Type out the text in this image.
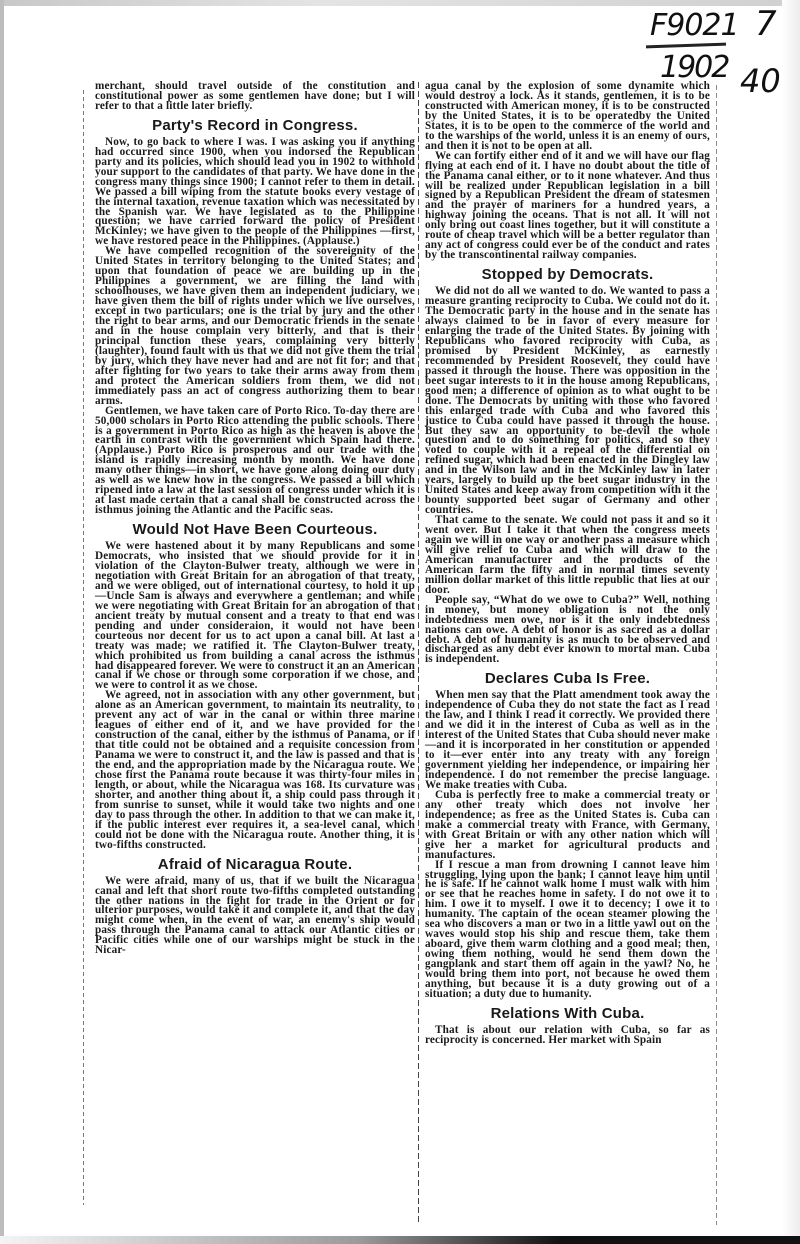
F9021
1902
7
40

merchant, should travel outside of the constitution and constitutional power as some gentlemen have done; but I will refer to that a little later briefly.

Party's Record in Congress.

Now, to go back to where I was. I was asking you if anything had occurred since 1900, when you indorsed the Republican party and its policies, which should lead you in 1902 to withhold your support to the candidates of that party. We have done in the congress many things since 1900; I cannot refer to them in detail. We passed a bill wiping from the statute books every vestage of the internal taxation, revenue taxation which was necessitated by the Spanish war. We have legislated as to the Philippine question; we have carried forward the policy of President McKinley; we have given to the people of the Philippines —first, we have restored peace in the Philippines. (Applause.)

We have compelled recognition of the sovereignity of the United States in territory belonging to the United States; and upon that foundation of peace we are building up in the Philippines a government, we are filling the land with schoolhouses, we have given them an independent judiciary, we have given them the bill of rights under which we live ourselves, except in two particulars; one is the trial by jury and the other the right to bear arms, and our Democratic friends in the senate and in the house complain very bitterly, and that is their principal function these years, complaining very bitterly (laughter), found fault with us that we did not give them the trial by jury, which they have never had and are not fit for; and that after fighting for two years to take their arms away from them and protect the American soldiers from them, we did not immediately pass an act of congress authorizing them to bear arms.

Gentlemen, we have taken care of Porto Rico. To-day there are 50,000 scholars in Porto Rico attending the public schools. There is a government in Porto Rico as high as the heaven is above the earth in contrast with the government which Spain had there. (Applause.) Porto Rico is prosperous and our trade with the island is rapidly increasing month by month. We have done many other things—in short, we have gone along doing our duty as well as we knew how in the congress. We passed a bill which ripened into a law at the last session of congress under which it is at last made certain that a canal shall be constructed across the isthmus joining the Atlantic and the Pacific seas.

Would Not Have Been Courteous.

We were hastened about it by many Republicans and some Democrats, who insisted that we should provide for it in violation of the Clayton-Bulwer treaty, although we were in negotiation with Great Britain for an abrogation of that treaty, and we were obliged, out of international courtesy, to hold it up—Uncle Sam is always and everywhere a gentleman; and while we were negotiating with Great Britain for an abrogation of that ancient treaty by mutual consent and a treaty to that end was pending and under consideraion, it would not have been courteous nor decent for us to act upon a canal bill. At last a treaty was made; we ratified it. The Clayton-Bulwer treaty, which prohibited us from building a canal across the isthmus had disappeared forever. We were to construct it an an American canal if we chose or through some corporation if we chose, and we were to control it as we chose.

We agreed, not in association with any other government, but alone as an American government, to maintain its neutrality, to prevent any act of war in the canal or within three marine leagues of either end of it, and we have provided for the construction of the canal, either by the isthmus of Panama, or if that title could not be obtained and a requisite concession from Panama we were to construct it, and the law is passed and that is the end, and the appropriation made by the Nicaragua route. We chose first the Panama route because it was thirty-four miles in length, or about, while the Nicaragua was 168. Its curvature was shorter, and another thing about it, a ship could pass through it from sunrise to sunset, while it would take two nights and one day to pass through the other. In addition to that we can make it, if the public interest ever requires it, a sea-level canal, which could not be done with the Nicaragua route. Another thing, it is two-fifths constructed.

Afraid of Nicaragua Route.

We were afraid, many of us, that if we built the Nicaragua canal and left that short route two-fifths completed outstanding the other nations in the fight for trade in the Orient or for ulterior purposes, would take it and complete it, and that the day might come when, in the event of war, an enemy's ship would pass through the Panama canal to attack our Atlantic cities or Pacific cities while one of our warships might be stuck in the Nicar-

agua canal by the explosion of some dynamite which would destroy a lock. As it stands, gentlemen, it is to be constructed with American money, it is to be constructed by the United States, it is to be operatedby the United States, it is to be open to the commerce of the world and to the warships of the world, unless it is an enemy of ours, and then it is not to be open at all.

We can fortify either end of it and we will have our flag flying at each end of it. I have no doubt about the title of the Panama canal either, or to it none whatever. And thus will be realized under Republican legislation in a bill signed by a Republican President the dream of statesmen and the prayer of mariners for a hundred years, a highway joining the oceans. That is not all. It will not only bring out coast lines together, but it will constitute a route of cheap travel which will be a better regulator than any act of congress could ever be of the conduct and rates by the transcontinental railway companies.

Stopped by Democrats.

We did not do all we wanted to do. We wanted to pass a measure granting reciprocity to Cuba. We could not do it. The Democratic party in the house and in the senate has always claimed to be in favor of every measure for enlarging the trade of the United States. By joining with Republicans who favored reciprocity with Cuba, as promised by President McKinley, as earnestly recommended by President Roosevelt, they could have passed it through the house. There was opposition in the beet sugar interests to it in the house among Republicans, good men; a difference of opinion as to what ought to be done. The Democrats by uniting with those who favored this enlarged trade with Cuba and who favored this justice to Cuba could have passed it through the house. But they saw an opportunity to be-devil the whole question and to do something for politics, and so they voted to couple with it a repeal of the differential on refined sugar, which had been enacted in the Dingley law and in the Wilson law and in the McKinley law in later years, largely to build up the beet sugar industry in the United States and keep away from competition with it the bounty supported beet sugar of Germany and other countries.

That came to the senate. We could not pass it and so it went over. But I take it that when the congress meets again we will in one way or another pass a measure which will give relief to Cuba and which will draw to the American manufacturer and the products of the American farm the fifty and in normal times seventy million dollar market of this little republic that lies at our door.

People say, “What do we owe to Cuba?” Well, nothing in money, but money obligation is not the only indebtedness men owe, nor is it the only indebtedness nations can owe. A debt of honor is as sacred as a dollar debt. A debt of humanity is as much to be observed and discharged as any debt ever known to mortal man. Cuba is independent.

Declares Cuba Is Free.

When men say that the Platt amendment took away the independence of Cuba they do not state the fact as I read the law, and I think I read it correctly. We provided there and we did it in the interest of Cuba as well as in the interest of the United States that Cuba should never make—and it is incorporated in her constitution or appended to it—ever enter into any treaty with any foreign government yielding her independence, or impairing her independence. I do not remember the precise language. We make treaties with Cuba.

Cuba is perfectly free to make a commercial treaty or any other treaty which does not involve her independence; as free as the United States is. Cuba can make a commercial treaty with France, with Germany, with Great Britain or with any other nation which will give her a market for agricultural products and manufactures.

If I rescue a man from drowning I cannot leave him struggling, lying upon the bank; I cannot leave him until he is safe. If he cannot walk home I must walk with him or see that he reaches home in safety. I do not owe it to him. I owe it to myself. I owe it to decency; I owe it to humanity. The captain of the ocean steamer plowing the sea who discovers a man or two in a little yawl out on the waves would stop his ship and rescue them, take them aboard, give them warm clothing and a good meal; then, owing them nothing, would he send them down the gangplank and start them off again in the yawl? No, he would bring them into port, not because he owed them anything, but because it is a duty growing out of a situation; a duty due to humanity.

Relations With Cuba.

That is about our relation with Cuba, so far as reciprocity is concerned. Her market with Spain
